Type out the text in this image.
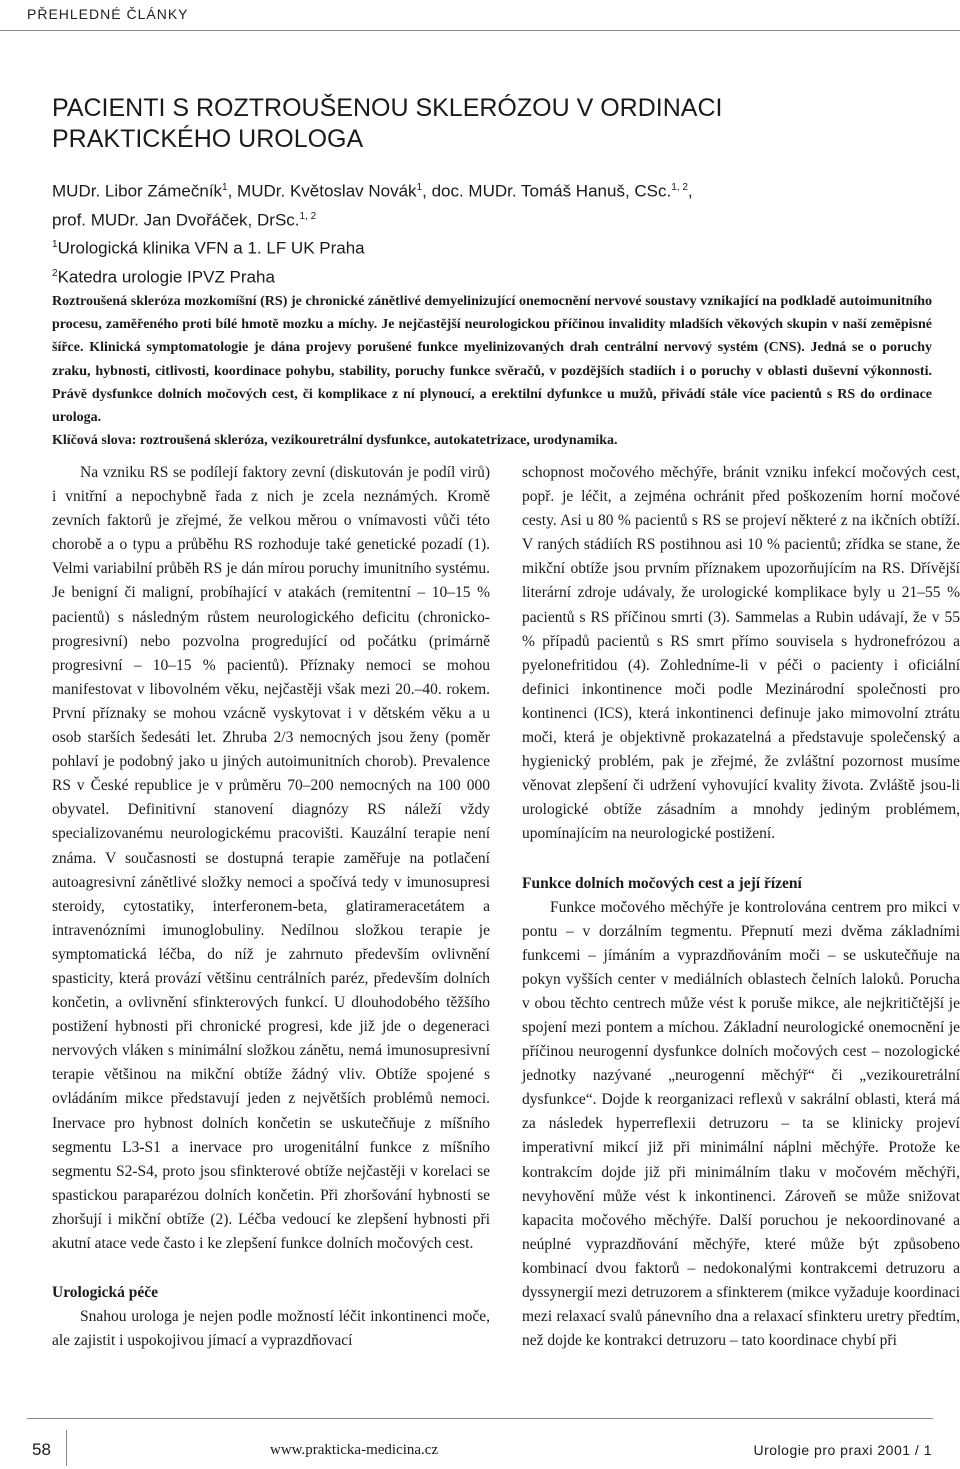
PŘEHLEDNÉ ČLÁNKY
PACIENTI S ROZTROUŠENOU SKLERÓZOU V ORDINACI
PRAKTICKÉHO UROLOGA
MUDr. Libor Zámečník$^1$, MUDr. Květoslav Novák$^1$, doc. MUDr. Tomáš Hanuš, CSc.$^{1, 2}$,
prof. MUDr. Jan Dvořáček, DrSc.$^{1, 2}$
$^1$Urologická klinika VFN a 1. LF UK Praha
$^2$Katedra urologie IPVZ Praha

Roztroušená skleróza mozkomíšní (RS) je chronické zánětlivé demyelinizující onemocnění nervové soustavy vznikající na podkladě autoimunitního procesu, zaměřeného proti bílé hmotě mozku a míchy. Je nejčastější neurologickou příčinou invalidity mladších věkových skupin v naší zeměpisné šířce. Klinická symptomatologie je dána projevy porušené funkce myelinizovaných drah centrální nervový systém (CNS). Jedná se o poruchy zraku, hybnosti, citlivosti, koordinace pohybu, stability, poruchy funkce svěračů, v pozdějších stadiích i o poruchy v oblasti duševní výkonnosti. Právě dysfunkce dolních močových cest, či komplikace z ní plynoucí, a erektilní dyfunkce u mužů, přivádí stále více pacientů s RS do ordinace urologa.

Klíčová slova: roztroušená skleróza, vezikouretrální dysfunkce, autokatetrizace, urodynamika.

Na vzniku RS se podílejí faktory zevní (diskutován je podíl virů) i vnitřní a nepochybně řada z nich je zcela neznámých. Kromě zevních faktorů je zřejmé, že velkou měrou o vnímavosti vůči této chorobě a o typu a průběhu RS rozhoduje také genetické pozadí (1). Velmi variabilní průběh RS je dán mírou poruchy imunitního systému. Je benigní či maligní, probíhající v atakách (remitentní – 10–15 % pacientů) s následným růstem neurologického deficitu (chronicko-progresivní) nebo pozvolna progredující od počátku (primárně progresivní – 10–15 % pacientů). Příznaky nemoci se mohou manifestovat v libovolném věku, nejčastěji však mezi 20.–40. rokem. První příznaky se mohou vzácně vyskytovat i v dětském věku a u osob starších šedesáti let. Zhruba 2/3 nemocných jsou ženy (poměr pohlaví je podobný jako u jiných autoimunitních chorob). Prevalence RS v České republice je v průměru 70–200 nemocných na 100 000 obyvatel. Definitivní stanovení diagnózy RS náleží vždy specializovanému neurologickému pracovišti. Kauzální terapie není známa. V současnosti se dostupná terapie zaměřuje na potlačení autoagresivní zánětlivé složky nemoci a spočívá tedy v imunosupresi steroidy, cytostatiky, interferonem-beta, glatirameracetátem a intravenózními imunoglobuliny. Nedílnou složkou terapie je symptomatická léčba, do níž je zahrnuto především ovlivnění spasticity, která provází většinu centrálních paréz, především dolních končetin, a ovlivnění sfinkterových funkcí. U dlouhodobého těžšího postižení hybnosti při chronické progresi, kde již jde o degeneraci nervových vláken s minimální složkou zánětu, nemá imunosupresivní terapie většinou na mikční obtíže žádný vliv. Obtíže spojené s ovládáním mikce představují jeden z největších problémů nemoci. Inervace pro hybnost dolních končetin se uskutečňuje z míšního segmentu L3-S1 a inervace pro urogenitální funkce z míšního segmentu S2-S4, proto jsou sfinkterové obtíže nejčastěji v korelaci se spastickou paraparézou dolních končetin. Při zhoršování hybnosti se zhoršují i mikční obtíže (2). Léčba vedoucí ke zlepšení hybnosti při akutní atace vede často i ke zlepšení funkce dolních močových cest.

Urologická péče

Snahou urologa je nejen podle možností léčit inkontinenci moče, ale zajistit i uspokojivou jímací a vyprazdňovací

schopnost močového měchýře, bránit vzniku infekcí močových cest, popř. je léčit, a zejména ochránit před poškozením horní močové cesty. Asi u 80 % pacientů s RS se projeví některé z na ikčních obtíží. V raných stádiích RS postihnou asi 10 % pacientů; zřídka se stane, že mikční obtíže jsou prvním příznakem upozorňujícím na RS. Dřívější literární zdroje udávaly, že urologické komplikace byly u 21–55 % pacientů s RS příčinou smrti (3). Sammelas a Rubin udávají, že v 55 % případů pacientů s RS smrt přímo souvisela s hydronefrózou a pyelonefritidou (4). Zohledníme-li v péči o pacienty i oficiální definici inkontinence moči podle Mezinárodní společnosti pro kontinenci (ICS), která inkontinenci definuje jako mimovolní ztrátu moči, která je objektivně prokazatelná a představuje společenský a hygienický problém, pak je zřejmé, že zvláštní pozornost musíme věnovat zlepšení či udržení vyhovující kvality života. Zvláště jsou-li urologické obtíže zásadním a mnohdy jediným problémem, upomínajícím na neurologické postižení.

Funkce dolních močových cest a její řízení

Funkce močového měchýře je kontrolována centrem pro mikci v pontu – v dorzálním tegmentu. Přepnutí mezi dvěma základními funkcemi – jímáním a vyprazdňováním moči – se uskutečňuje na pokyn vyšších center v mediálních oblastech čelních laloků. Porucha v obou těchto centrech může vést k poruše mikce, ale nejkritičtější je spojení mezi pontem a míchou. Základní neurologické onemocnění je příčinou neurogenní dysfunkce dolních močových cest – nozologické jednotky nazývané „neurogenní měchýř“ či „vezikouretrální dysfunkce“. Dojde k reorganizaci reflexů v sakrální oblasti, která má za následek hyperreflexii detruzoru – ta se klinicky projeví imperativní mikcí již při minimální náplni měchýře. Protože ke kontrakcím dojde již při minimálním tlaku v močovém měchýři, nevyhovění může vést k inkontinenci. Zároveň se může snižovat kapacita močového měchýře. Další poruchou je nekoordinované a neúplné vyprazdňování měchýře, které může být způsobeno kombinací dvou faktorů – nedokonalými kontrakcemi detruzoru a dyssynergií mezi detruzorem a sfinkterem (mikce vyžaduje koordinaci mezi relaxací svalů pánevního dna a relaxací sfinkteru uretry předtím, než dojde ke kontrakci detruzoru – tato koordinace chybí při

58	www.prakticka-medicina.cz	Urologie pro praxi 2001 / 1
